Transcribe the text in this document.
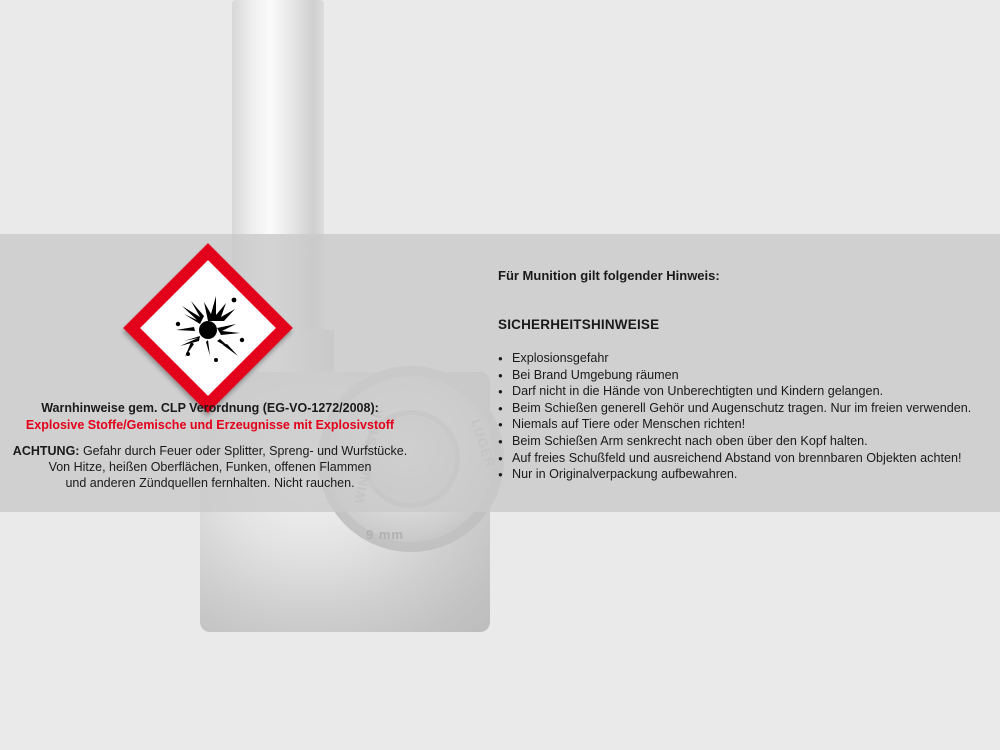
9 mm
Warnhinweise gem. CLP Verordnung (EG-VO-1272/2008):
Explosive Stoffe/Gemische und Erzeugnisse mit Explosivstoff
ACHTUNG: Gefahr durch Feuer oder Splitter, Spreng- und Wurfstücke.
Von Hitze, heißen Oberflächen, Funken, offenen Flammen
und anderen Zündquellen fernhalten. Nicht rauchen.
Für Munition gilt folgender Hinweis:
SICHERHEITSHINWEISE
● Explosionsgefahr
● Bei Brand Umgebung räumen
● Darf nicht in die Hände von Unberechtigten und Kindern gelangen.
● Beim Schießen generell Gehör und Augenschutz tragen. Nur im freien verwenden.
● Niemals auf Tiere oder Menschen richten!
● Beim Schießen Arm senkrecht nach oben über den Kopf halten.
● Auf freies Schußfeld und ausreichend Abstand von brennbaren Objekten achten!
● Nur in Originalverpackung aufbewahren.
